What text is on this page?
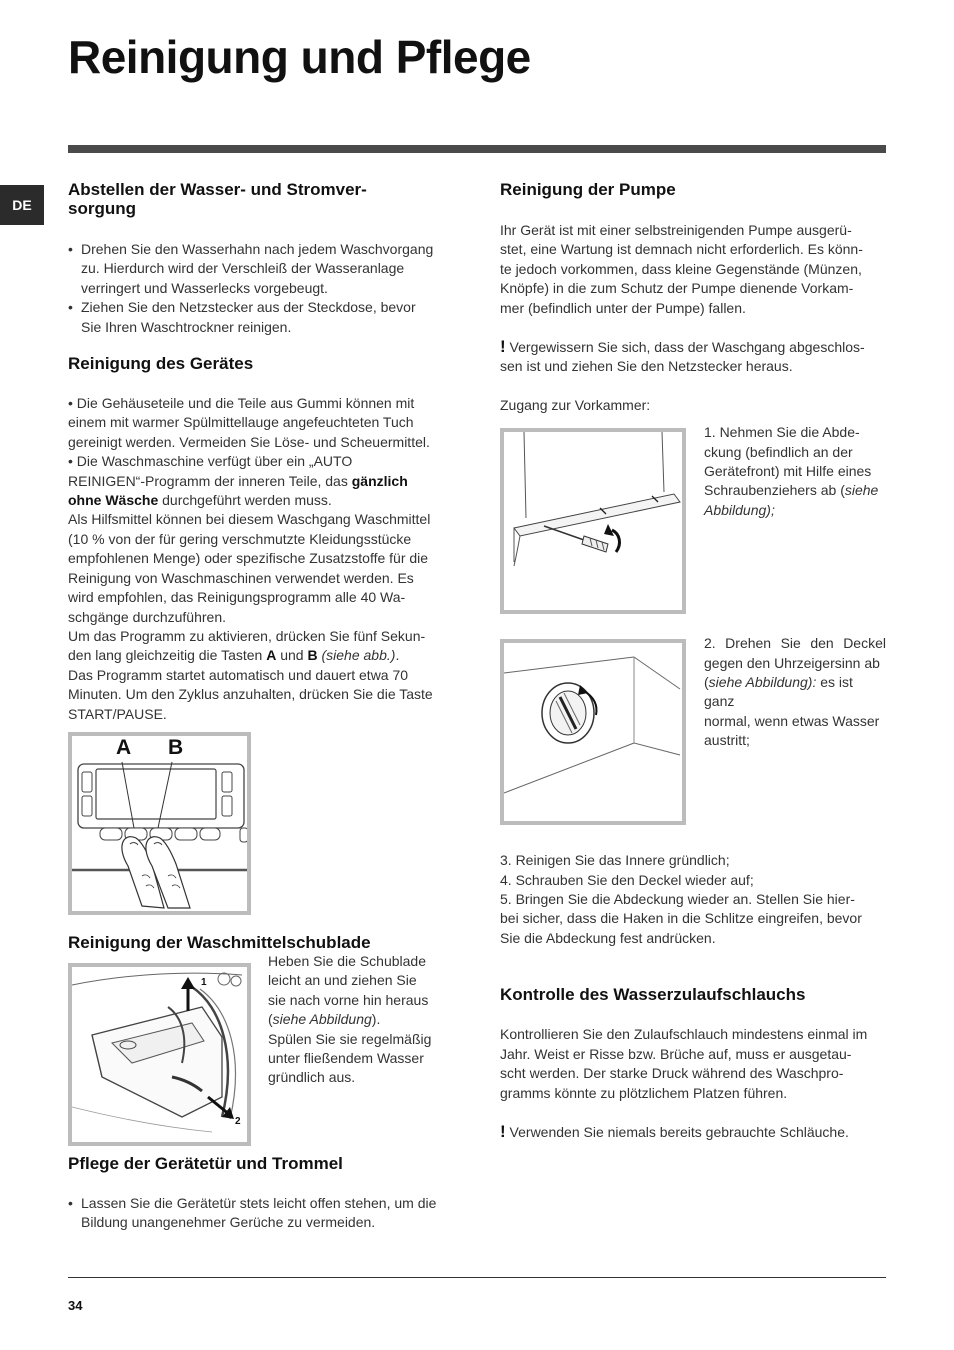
Reinigung und Pflege
DE
Abstellen der Wasser- und Stromver-
sorgung
• Drehen Sie den Wasserhahn nach jedem Waschvorgang
zu. Hierdurch wird der Verschleiß der Wasseranlage
verringert und Wasserlecks vorgebeugt.
• Ziehen Sie den Netzstecker aus der Steckdose, bevor
Sie Ihren Waschtrockner reinigen.
Reinigung des Gerätes
• Die Gehäuseteile und die Teile aus Gummi können mit
einem mit warmer Spülmittellauge angefeuchteten Tuch
gereinigt werden. Vermeiden Sie Löse- und Scheuermittel.
• Die Waschmaschine verfügt über ein „AUTO
REINIGEN“-Programm der inneren Teile, das gänzlich
ohne Wäsche durchgeführt werden muss.
Als Hilfsmittel können bei diesem Waschgang Waschmittel
(10 % von der für gering verschmutzte Kleidungsstücke
empfohlenen Menge) oder spezifische Zusatzstoffe für die
Reinigung von Waschmaschinen verwendet werden. Es
wird empfohlen, das Reinigungsprogramm alle 40 Wa-
schgänge durchzuführen.
Um das Programm zu aktivieren, drücken Sie fünf Sekun-
den lang gleichzeitig die Tasten A und B (siehe abb.).
Das Programm startet automatisch und dauert etwa 70
Minuten. Um den Zyklus anzuhalten, drücken Sie die Taste
START/PAUSE.
A B
Reinigung der Waschmittelschublade
1
2
Heben Sie die Schublade
leicht an und ziehen Sie
sie nach vorne hin heraus
(siehe Abbildung).
Spülen Sie sie regelmäßig
unter fließendem Wasser
gründlich aus.
Pflege der Gerätetür und Trommel
• Lassen Sie die Gerätetür stets leicht offen stehen, um die
Bildung unangenehmer Gerüche zu vermeiden.
Reinigung der Pumpe
Ihr Gerät ist mit einer selbstreinigenden Pumpe ausgerü-
stet, eine Wartung ist demnach nicht erforderlich. Es könn-
te jedoch vorkommen, dass kleine Gegenstände (Münzen,
Knöpfe) in die zum Schutz der Pumpe dienende Vorkam-
mer (befindlich unter der Pumpe) fallen.
! Vergewissern Sie sich, dass der Waschgang abgeschlos-
sen ist und ziehen Sie den Netzstecker heraus.
Zugang zur Vorkammer:
1. Nehmen Sie die Abde-
ckung (befindlich an der
Gerätefront) mit Hilfe eines
Schraubenziehers ab (siehe
Abbildung);
2. Drehen Sie den Deckel
gegen den Uhrzeigersinn ab
(siehe Abbildung): es ist ganz
normal, wenn etwas Wasser
austritt;
3. Reinigen Sie das Innere gründlich;
4. Schrauben Sie den Deckel wieder auf;
5. Bringen Sie die Abdeckung wieder an. Stellen Sie hier-
bei sicher, dass die Haken in die Schlitze eingreifen, bevor
Sie die Abdeckung fest andrücken.
Kontrolle des Wasserzulaufschlauchs
Kontrollieren Sie den Zulaufschlauch mindestens einmal im
Jahr. Weist er Risse bzw. Brüche auf, muss er ausgetau-
scht werden. Der starke Druck während des Waschpro-
gramms könnte zu plötzlichem Platzen führen.
! Verwenden Sie niemals bereits gebrauchte Schläuche.
34
